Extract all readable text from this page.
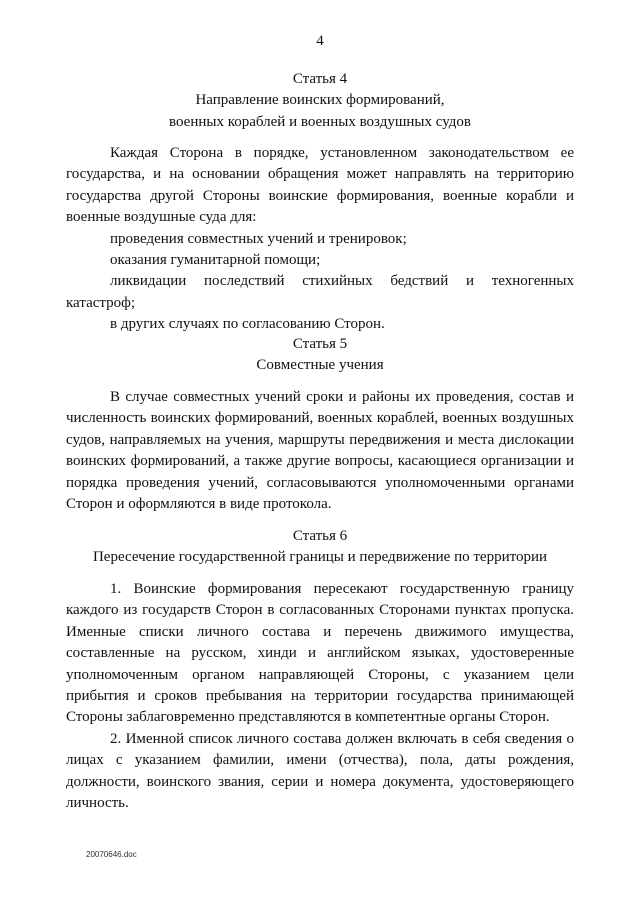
4
Статья 4
Направление воинских формирований,
военных кораблей и военных воздушных судов

Каждая Сторона в порядке, установленном законодательством ее государства, и на основании обращения может направлять на территорию государства другой Стороны воинские формирования, военные корабли и военные воздушные суда для:

проведения совместных учений и тренировок;

оказания гуманитарной помощи;

ликвидации последствий стихийных бедствий и техногенных катастроф;

в других случаях по согласованию Сторон.

Статья 5
Совместные учения

В случае совместных учений сроки и районы их проведения, состав и численность воинских формирований, военных кораблей, военных воздушных судов, направляемых на учения, маршруты передвижения и места дислокации воинских формирований, а также другие вопросы, касающиеся организации и порядка проведения учений, согласовываются уполномоченными органами Сторон и оформляются в виде протокола.

Статья 6
Пересечение государственной границы и передвижение по территории

1. Воинские формирования пересекают государственную границу каждого из государств Сторон в согласованных Сторонами пунктах пропуска. Именные списки личного состава и перечень движимого имущества, составленные на русском, хинди и английском языках, удостоверенные уполномоченным органом направляющей Стороны, с указанием цели прибытия и сроков пребывания на территории государства принимающей Стороны заблаговременно представляются в компетентные органы Сторон.

2. Именной список личного состава должен включать в себя сведения о лицах с указанием фамилии, имени (отчества), пола, даты рождения, должности, воинского звания, серии и номера документа, удостоверяющего личность.

20070646.doc
